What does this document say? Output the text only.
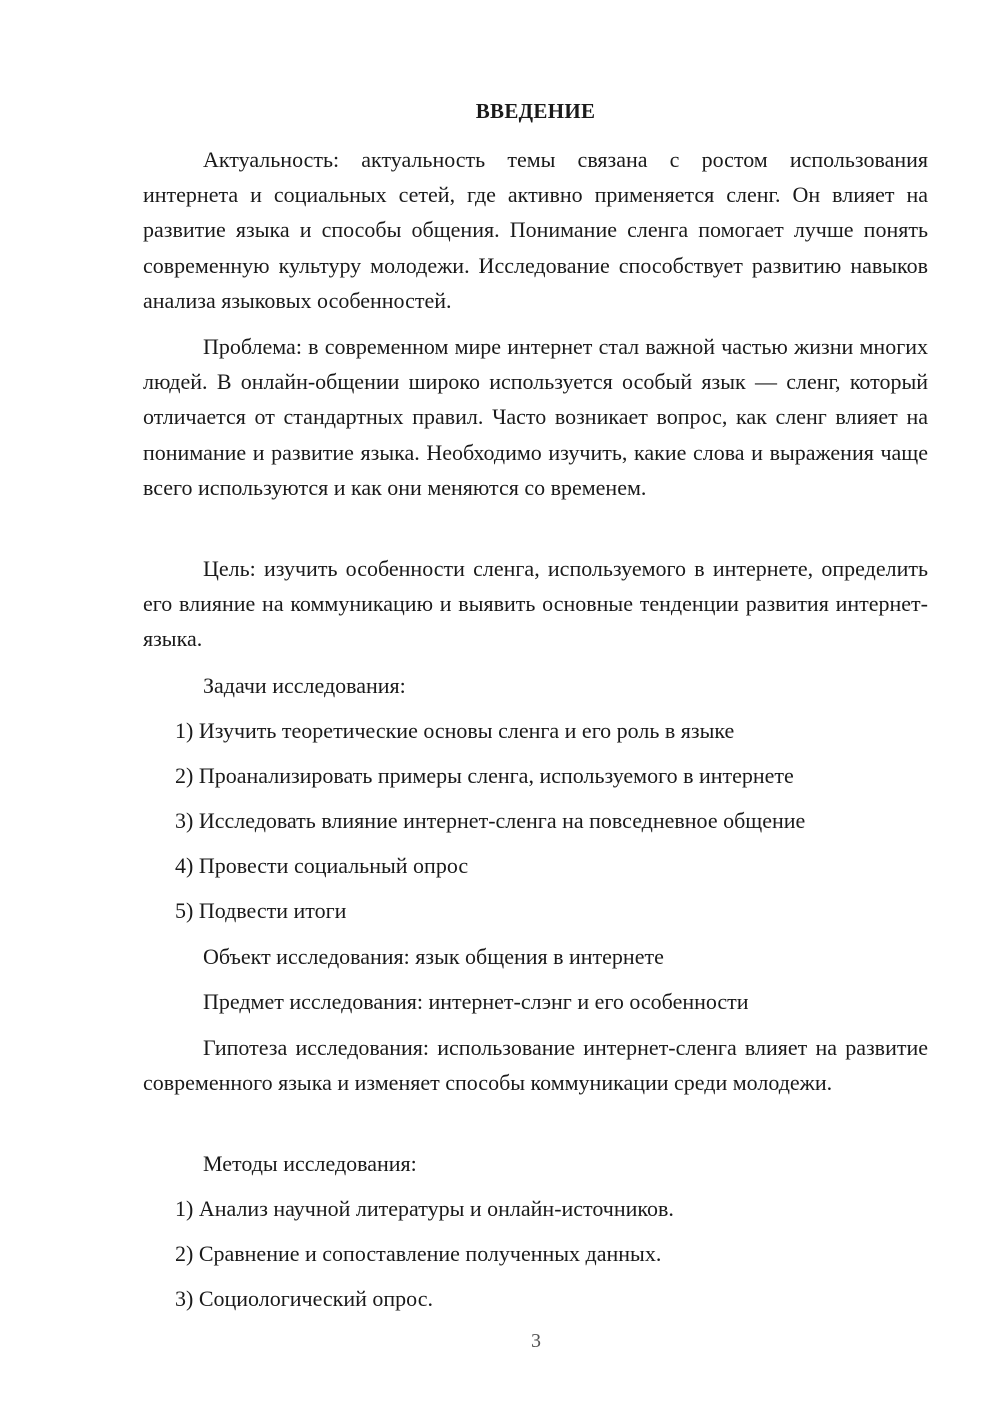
ВВЕДЕНИЕ

Актуальность: актуальность темы связана с ростом использования интернета и социальных сетей, где активно применяется сленг. Он влияет на развитие языка и способы общения. Понимание сленга помогает лучше понять современную культуру молодежи. Исследование способствует развитию навыков анализа языковых особенностей.

Проблема: в современном мире интернет стал важной частью жизни многих людей. В онлайн-общении широко используется особый язык — сленг, который отличается от стандартных правил. Часто возникает вопрос, как сленг влияет на понимание и развитие языка. Необходимо изучить, какие слова и выражения чаще всего используются и как они меняются со временем.

Цель: изучить особенности сленга, используемого в интернете, определить его влияние на коммуникацию и выявить основные тенденции развития интернет-языка.

Задачи исследования:

1) Изучить теоретические основы сленга и его роль в языке

2) Проанализировать примеры сленга, используемого в интернете

3) Исследовать влияние интернет-сленга на повседневное общение

4) Провести социальный опрос

5) Подвести итоги

Объект исследования: язык общения в интернете

Предмет исследования: интернет-слэнг и его особенности

Гипотеза исследования: использование интернет-сленга влияет на развитие современного языка и изменяет способы коммуникации среди молодежи.

Методы исследования:

1) Анализ научной литературы и онлайн-источников.

2) Сравнение и сопоставление полученных данных.

3) Социологический опрос.

3
